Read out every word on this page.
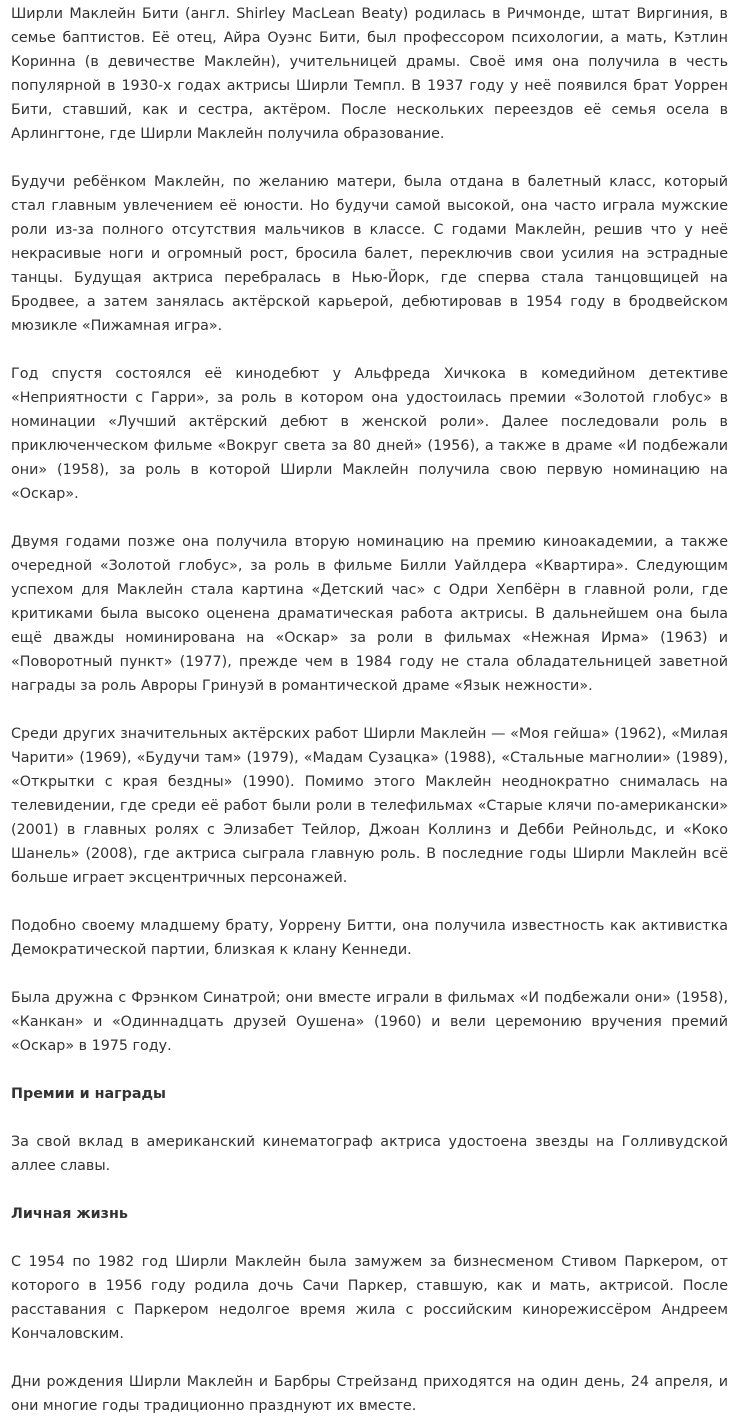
Ширли Маклейн Бити (англ. Shirley MacLean Beaty) родилась в Ричмонде, штат Виргиния, в семье баптистов. Её отец, Айра Оуэнс Бити, был профессором психологии, а мать, Кэтлин Коринна (в девичестве Маклейн), учительницей драмы. Своё имя она получила в честь популярной в 1930-х годах актрисы Ширли Темпл. В 1937 году у неё появился брат Уоррен Бити, ставший, как и сестра, актёром. После нескольких переездов её семья осела в Арлингтоне, где Ширли Маклейн получила образование.

Будучи ребёнком Маклейн, по желанию матери, была отдана в балетный класс, который стал главным увлечением её юности. Но будучи самой высокой, она часто играла мужские роли из-за полного отсутствия мальчиков в классе. С годами Маклейн, решив что у неё некрасивые ноги и огромный рост, бросила балет, переключив свои усилия на эстрадные танцы. Будущая актриса перебралась в Нью-Йорк, где сперва стала танцовщицей на Бродвее, а затем занялась актёрской карьерой, дебютировав в 1954 году в бродвейском мюзикле «Пижамная игра».

Год спустя состоялся её кинодебют у Альфреда Хичкока в комедийном детективе «Неприятности с Гарри», за роль в котором она удостоилась премии «Золотой глобус» в номинации «Лучший актёрский дебют в женской роли». Далее последовали роль в приключенческом фильме «Вокруг света за 80 дней» (1956), а также в драме «И подбежали они» (1958), за роль в которой Ширли Маклейн получила свою первую номинацию на «Оскар».

Двумя годами позже она получила вторую номинацию на премию киноакадемии, а также очередной «Золотой глобус», за роль в фильме Билли Уайлдера «Квартира». Следующим успехом для Маклейн стала картина «Детский час» с Одри Хепбёрн в главной роли, где критиками была высоко оценена драматическая работа актрисы. В дальнейшем она была ещё дважды номинирована на «Оскар» за роли в фильмах «Нежная Ирма» (1963) и «Поворотный пункт» (1977), прежде чем в 1984 году не стала обладательницей заветной награды за роль Авроры Гринуэй в романтической драме «Язык нежности».

Среди других значительных актёрских работ Ширли Маклейн — «Моя гейша» (1962), «Милая Чарити» (1969), «Будучи там» (1979), «Мадам Сузацка» (1988), «Стальные магнолии» (1989), «Открытки с края бездны» (1990). Помимо этого Маклейн неоднократно снималась на телевидении, где среди её работ были роли в телефильмах «Старые клячи по-американски» (2001) в главных ролях с Элизабет Тейлор, Джоан Коллинз и Дебби Рейнольдс, и «Коко Шанель» (2008), где актриса сыграла главную роль. В последние годы Ширли Маклейн всё больше играет эксцентричных персонажей.

Подобно своему младшему брату, Уоррену Битти, она получила известность как активистка Демократической партии, близкая к клану Кеннеди.

Была дружна с Фрэнком Синатрой; они вместе играли в фильмах «И подбежали они» (1958), «Канкан» и «Одиннадцать друзей Оушена» (1960) и вели церемонию вручения премий «Оскар» в 1975 году.

Премии и награды

За свой вклад в американский кинематограф актриса удостоена звезды на Голливудской аллее славы.

Личная жизнь

С 1954 по 1982 год Ширли Маклейн была замужем за бизнесменом Стивом Паркером, от которого в 1956 году родила дочь Сачи Паркер, ставшую, как и мать, актрисой. После расставания с Паркером недолгое время жила с российским кинорежиссёром Андреем Кончаловским.

Дни рождения Ширли Маклейн и Барбры Стрейзанд приходятся на один день, 24 апреля, и они многие годы традиционно празднуют их вместе.
